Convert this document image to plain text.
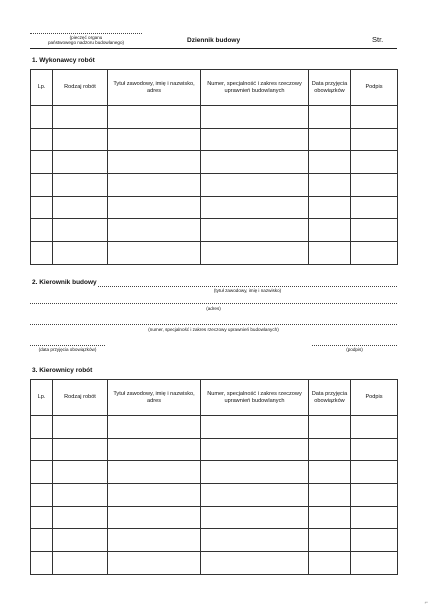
(pieczęć organu
państwowego nadzoru budowlanego)	Dziennik budowy	Str.
1. Wykonawcy robót
Lp.	Rodzaj robót	Tytuł zawodowy, imię i nazwisko, adres	Numer, specjalność i zakres rzeczowy uprawnień budowlanych	Data przyjęcia obowiązków	Podpis

2. Kierownik budowy
(tytuł zawodowy, imię i nazwisko)
(adres)
(numer, specjalność i zakres rzeczowy uprawnień budowlanych)
(data przyjęcia obowiązków)	(podpis)
3. Kierownicy robót
Lp.	Rodzaj robót	Tytuł zawodowy, imię i nazwisko, adres	Numer, specjalność i zakres rzeczowy uprawnień budowlanych	Data przyjęcia obowiązków	Podpis

⌐
